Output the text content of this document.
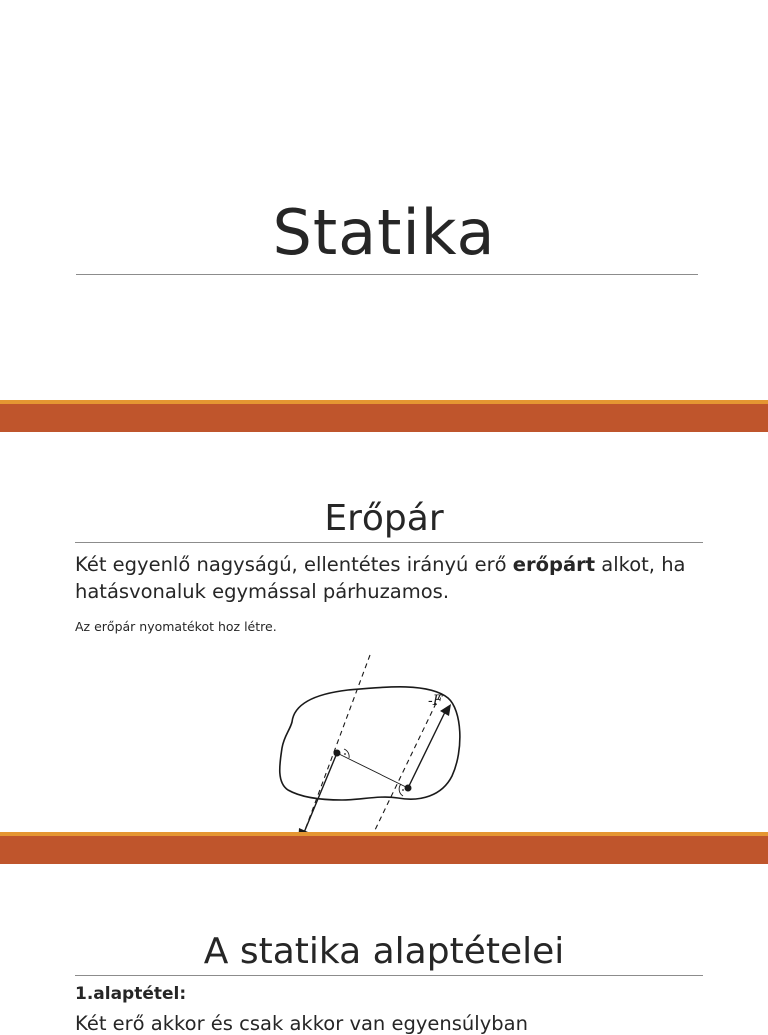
Statika
Erőpár
Két egyenlő nagyságú, ellentétes irányú erő erőpárt alkot, ha hatásvonaluk egymással párhuzamos.
Az erőpár nyomatékot hoz létre.
-F
A statika alaptételei
1.alaptétel:
Két erő akkor és csak akkor van egyensúlyban
